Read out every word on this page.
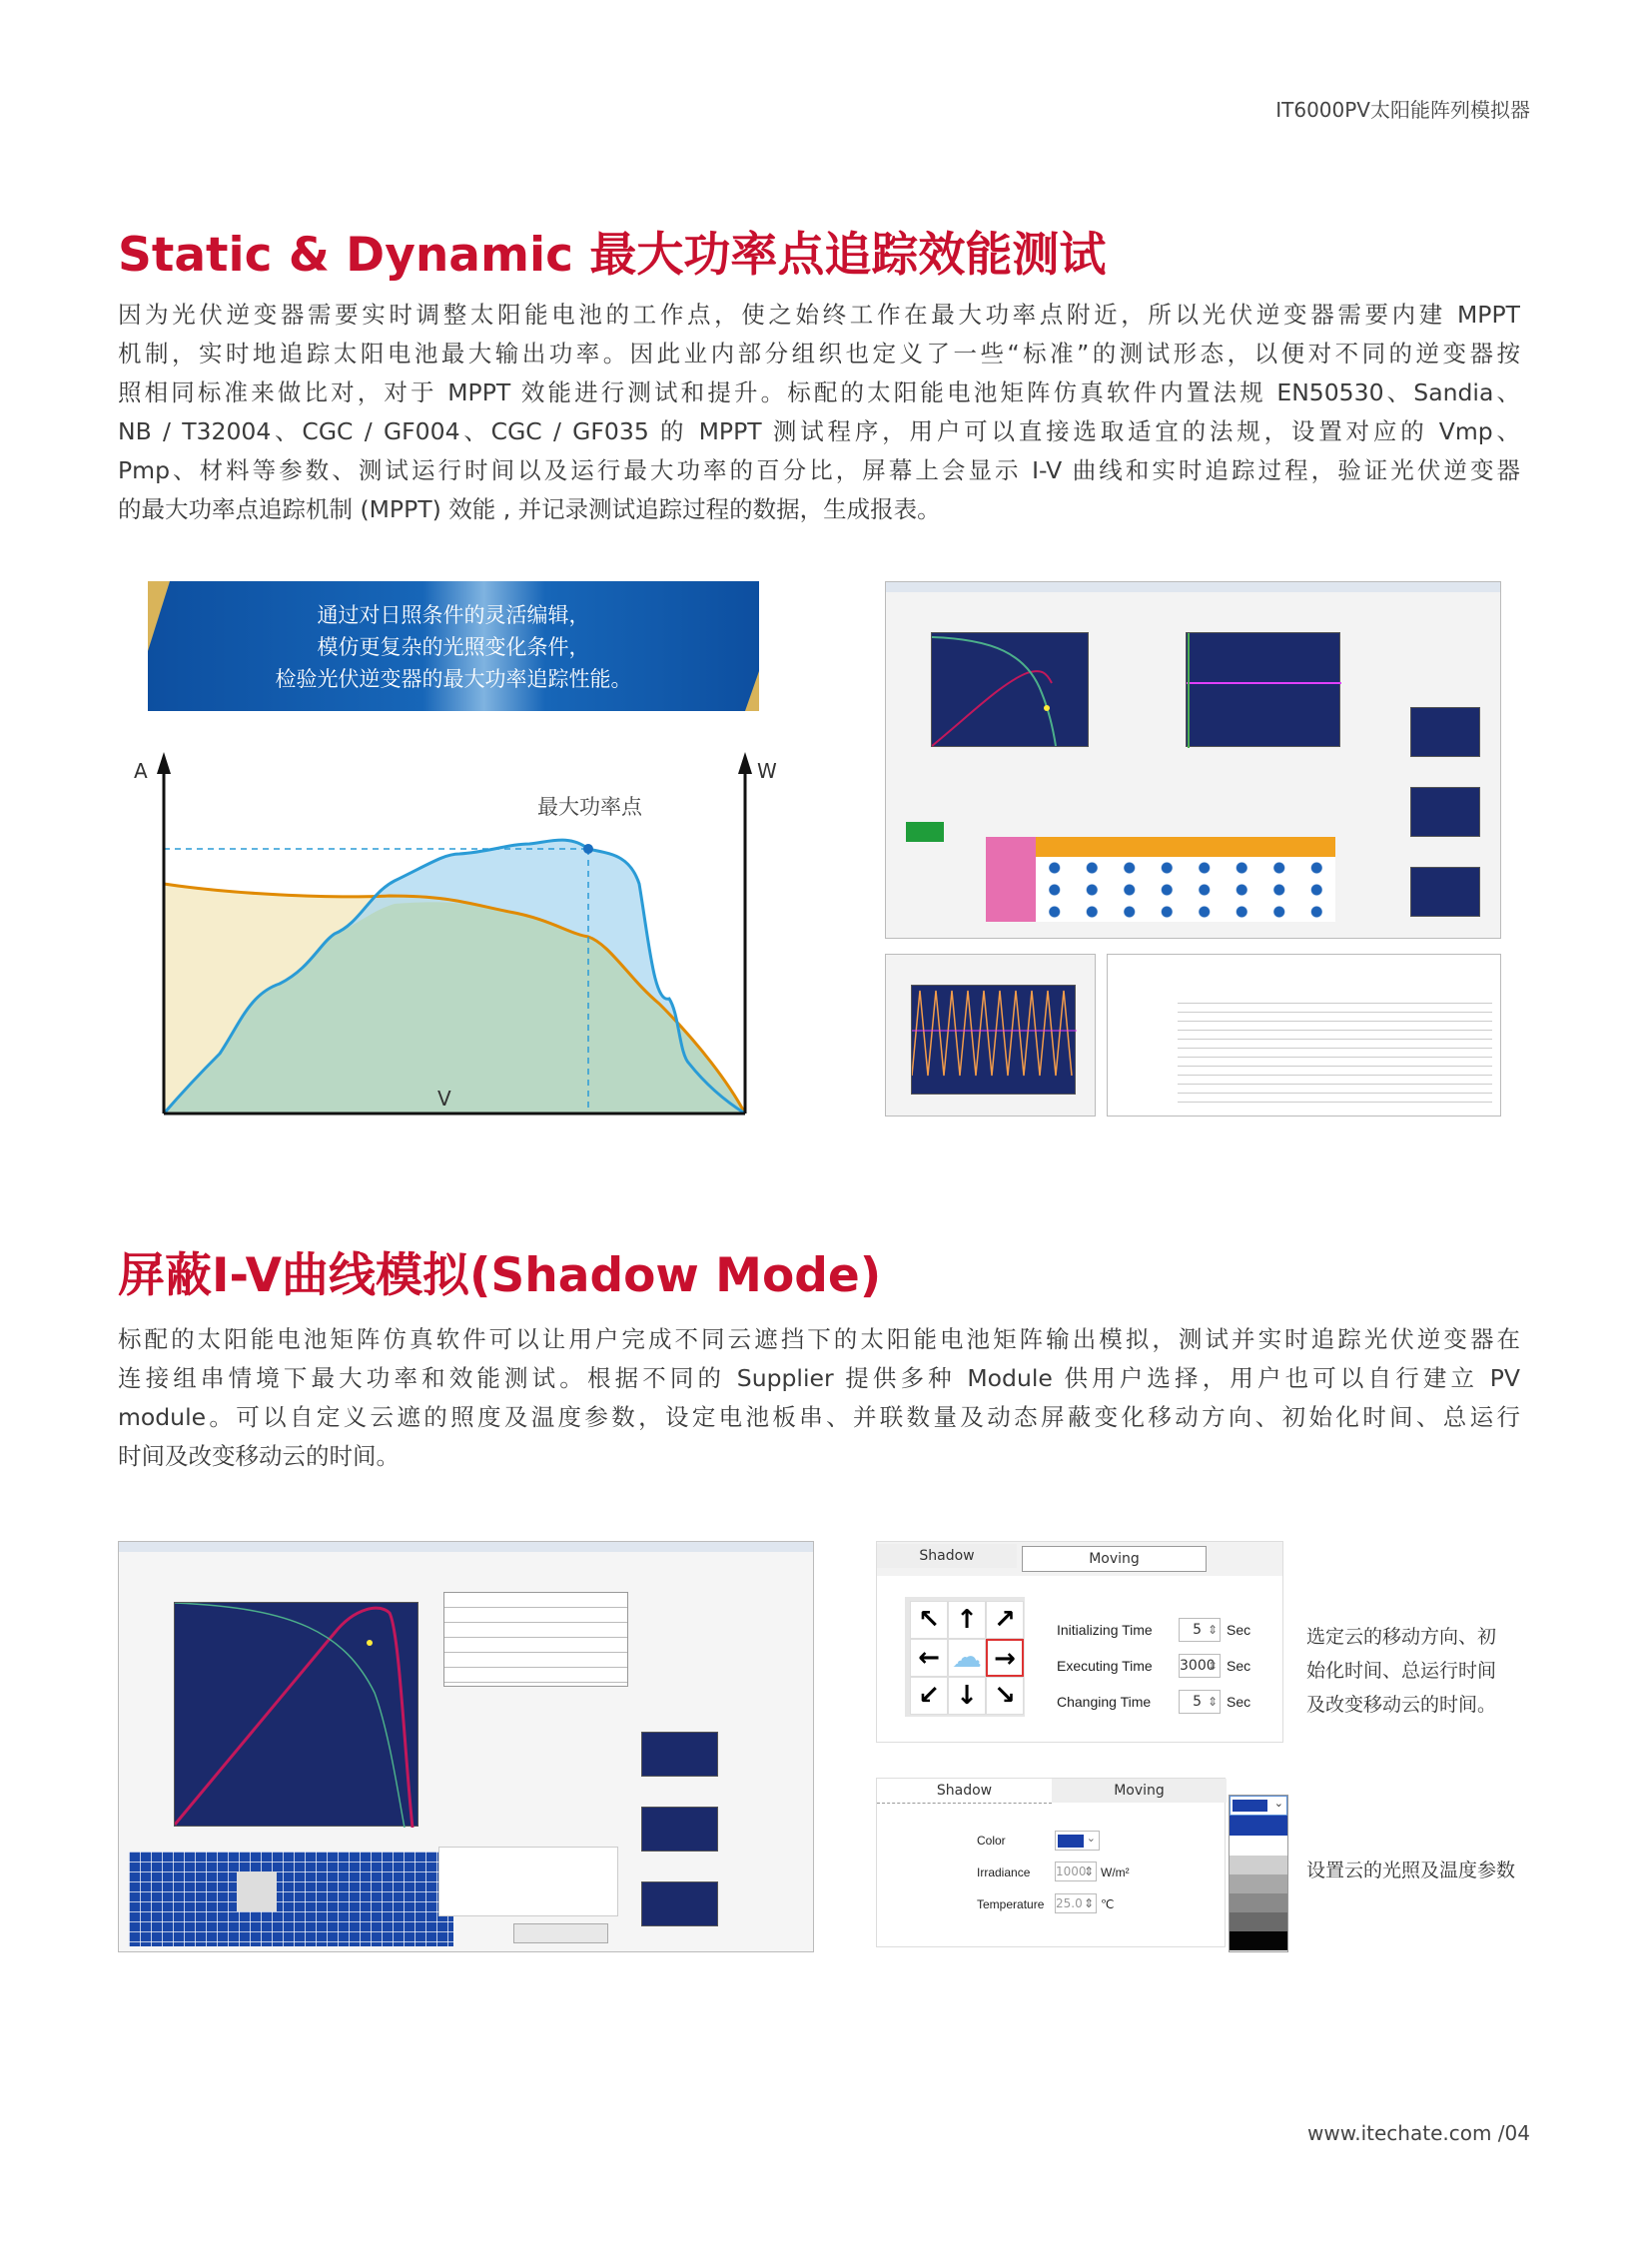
IT6000PV太阳能阵列模拟器
Static & Dynamic 最大功率点追踪效能测试
因为光伏逆变器需要实时调整太阳能电池的工作点，使之始终工作在最大功率点附近，所以光伏逆变器需要内建 MPPT
机制，实时地追踪太阳电池最大输出功率。因此业内部分组织也定义了一些“标准”的测试形态，以便对不同的逆变器按
照相同标准来做比对，对于 MPPT 效能进行测试和提升。标配的太阳能电池矩阵仿真软件内置法规 EN50530、Sandia、
NB / T32004、CGC / GF004、CGC / GF035 的 MPPT 测试程序，用户可以直接选取适宜的法规，设置对应的 Vmp、
Pmp、材料等参数、测试运行时间以及运行最大功率的百分比，屏幕上会显示 I-V 曲线和实时追踪过程，验证光伏逆变器
的最大功率点追踪机制 (MPPT) 效能 , 并记录测试追踪过程的数据，生成报表。
通过对日照条件的灵活编辑，
模仿更复杂的光照变化条件，
检验光伏逆变器的最大功率追踪性能。
A	W
V
最大功率点
屏蔽I-V曲线模拟(Shadow Mode)
标配的太阳能电池矩阵仿真软件可以让用户完成不同云遮挡下的太阳能电池矩阵输出模拟，测试并实时追踪光伏逆变器在
连接组串情境下最大功率和效能测试。根据不同的 Supplier 提供多种 Module 供用户选择，用户也可以自行建立 PV
module。可以自定义云遮的照度及温度参数，设定电池板串、并联数量及动态屏蔽变化移动方向、初始化时间、总运行
时间及改变移动云的时间。
Shadow	Moving
↖ ↑ ↗
← ☁ →
↙ ↓ ↘
Initializing Time	5 ⇕	Sec
Executing Time 3000 ⇕ Sec
Changing Time	5 ⇕	Sec
选定云的移动方向、初
始化时间、总运行时间
及改变移动云的时间。
Shadow	Moving
Color	⌄
Irradiance 1000 ⇕	W/m²
Temperature 25.0 ⇕	℃
⌄
设置云的光照及温度参数
www.itechate.com /04
